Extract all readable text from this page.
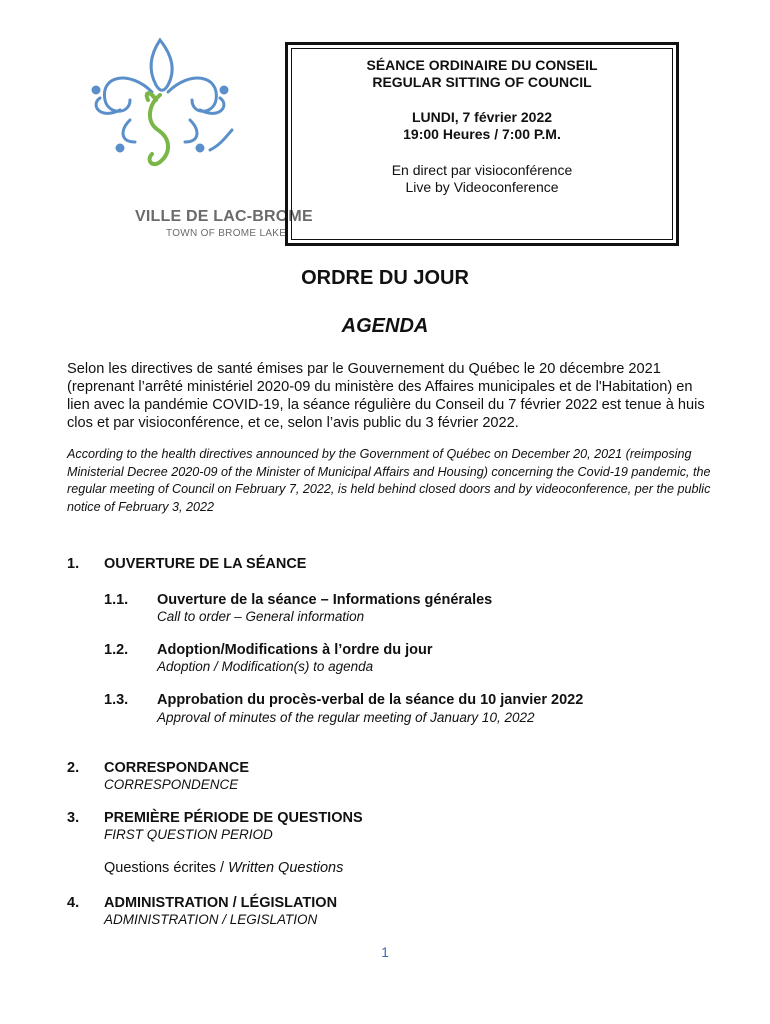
VILLE DE LAC-BROME
TOWN OF BROME LAKE
SÉANCE ORDINAIRE DU CONSEIL
REGULAR SITTING OF COUNCIL
LUNDI, 7 février 2022
19:00 Heures / 7:00 P.M.
En direct par visioconférence
Live by Videoconference
ORDRE DU JOUR
AGENDA
Selon les directives de santé émises par le Gouvernement du Québec le 20 décembre 2021 (reprenant l’arrêté ministériel 2020-09 du ministère des Affaires municipales et de l'Habitation) en lien avec la pandémie COVID-19, la séance régulière du Conseil du 7 février 2022 est tenue à huis clos et par visioconférence, et ce, selon l’avis public du 3 février 2022.
According to the health directives announced by the Government of Québec on December 20, 2021 (reimposing Ministerial Decree 2020-09 of the Minister of Municipal Affairs and Housing) concerning the Covid-19 pandemic, the regular meeting of Council on February 7, 2022, is held behind closed doors and by videoconference, per the public notice of February 3, 2022
1. OUVERTURE DE LA SÉANCE
1.1. Ouverture de la séance – Informations générales
Call to order – General information
1.2. Adoption/Modifications à l’ordre du jour
Adoption / Modification(s) to agenda
1.3. Approbation du procès-verbal de la séance du 10 janvier 2022
Approval of minutes of the regular meeting of January 10, 2022
2. CORRESPONDANCE
CORRESPONDENCE
3. PREMIÈRE PÉRIODE DE QUESTIONS
FIRST QUESTION PERIOD
Questions écrites / Written Questions
4. ADMINISTRATION / LÉGISLATION
ADMINISTRATION / LEGISLATION
1
